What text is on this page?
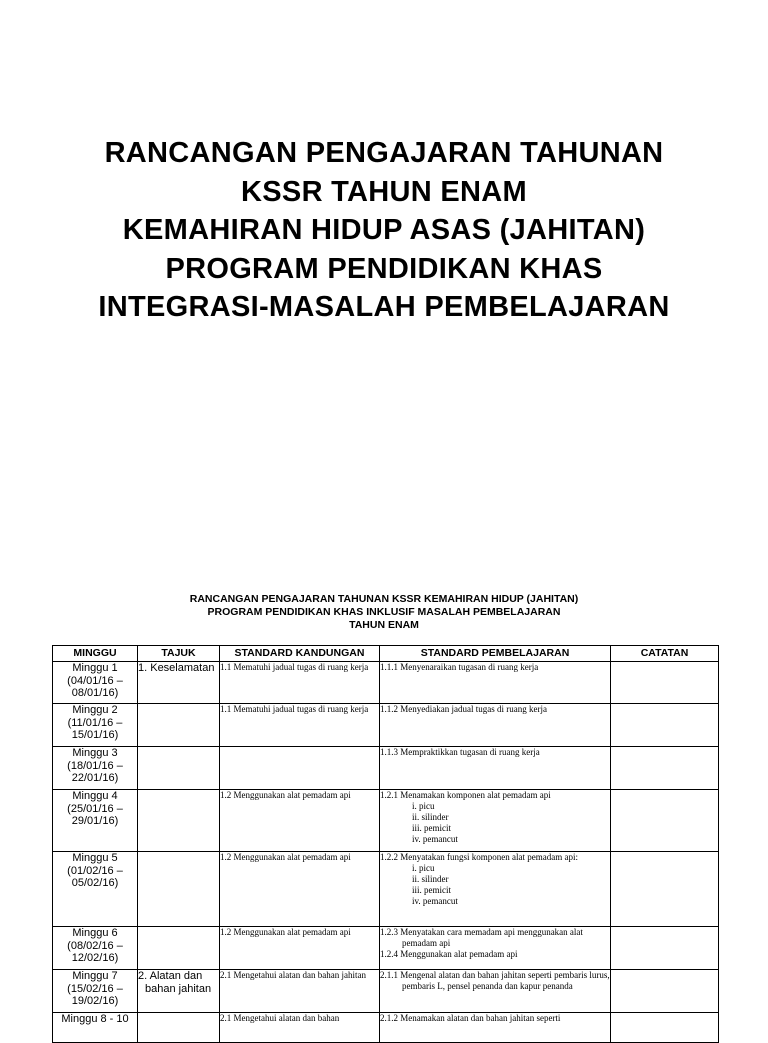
RANCANGAN PENGAJARAN TAHUNAN
KSSR TAHUN ENAM
KEMAHIRAN HIDUP ASAS (JAHITAN)
PROGRAM PENDIDIKAN KHAS
INTEGRASI-MASALAH PEMBELAJARAN
RANCANGAN PENGAJARAN TAHUNAN KSSR KEMAHIRAN HIDUP (JAHITAN)
PROGRAM PENDIDIKAN KHAS INKLUSIF MASALAH PEMBELAJARAN
TAHUN ENAM
MINGGU	TAJUK	STANDARD KANDUNGAN	STANDARD PEMBELAJARAN	CATATAN

Minggu 1
(04/01/16 –
08/01/16)	1. Keselamatan	1.1 Mematuhi jadual tugas di ruang kerja	1.1.1 Menyenaraikan tugasan di ruang kerja	

Minggu 2
(11/01/16 –
15/01/16)		1.1 Mematuhi jadual tugas di ruang kerja	1.1.2 Menyediakan jadual tugas di ruang kerja	

Minggu 3
(18/01/16 –
22/01/16)			1.1.3 Mempraktikkan tugasan di ruang kerja	

Minggu 4
(25/01/16 –
29/01/16)		1.2 Menggunakan alat pemadam api	1.2.1 Menamakan komponen alat pemadam api
i. picu
ii. silinder
iii. pemicit
iv. pemancut	

Minggu 5
(01/02/16 –
05/02/16)		1.2 Menggunakan alat pemadam api	1.2.2 Menyatakan fungsi komponen alat pemadam api:
i. picu
ii. silinder
iii. pemicit
iv. pemancut	

Minggu 6
(08/02/16 –
12/02/16)		1.2 Menggunakan alat pemadam api	1.2.3 Menyatakan cara memadam api menggunakan alat pemadam api
1.2.4 Menggunakan alat pemadam api	

Minggu 7
(15/02/16 –
19/02/16)	2. Alatan dan bahan jahitan	2.1 Mengetahui alatan dan bahan jahitan	2.1.1 Mengenal alatan dan bahan jahitan seperti pembaris lurus, pembaris L, pensel penanda dan kapur penanda	

Minggu 8 - 10		2.1 Mengetahui alatan dan bahan	2.1.2 Menamakan alatan dan bahan jahitan seperti	
